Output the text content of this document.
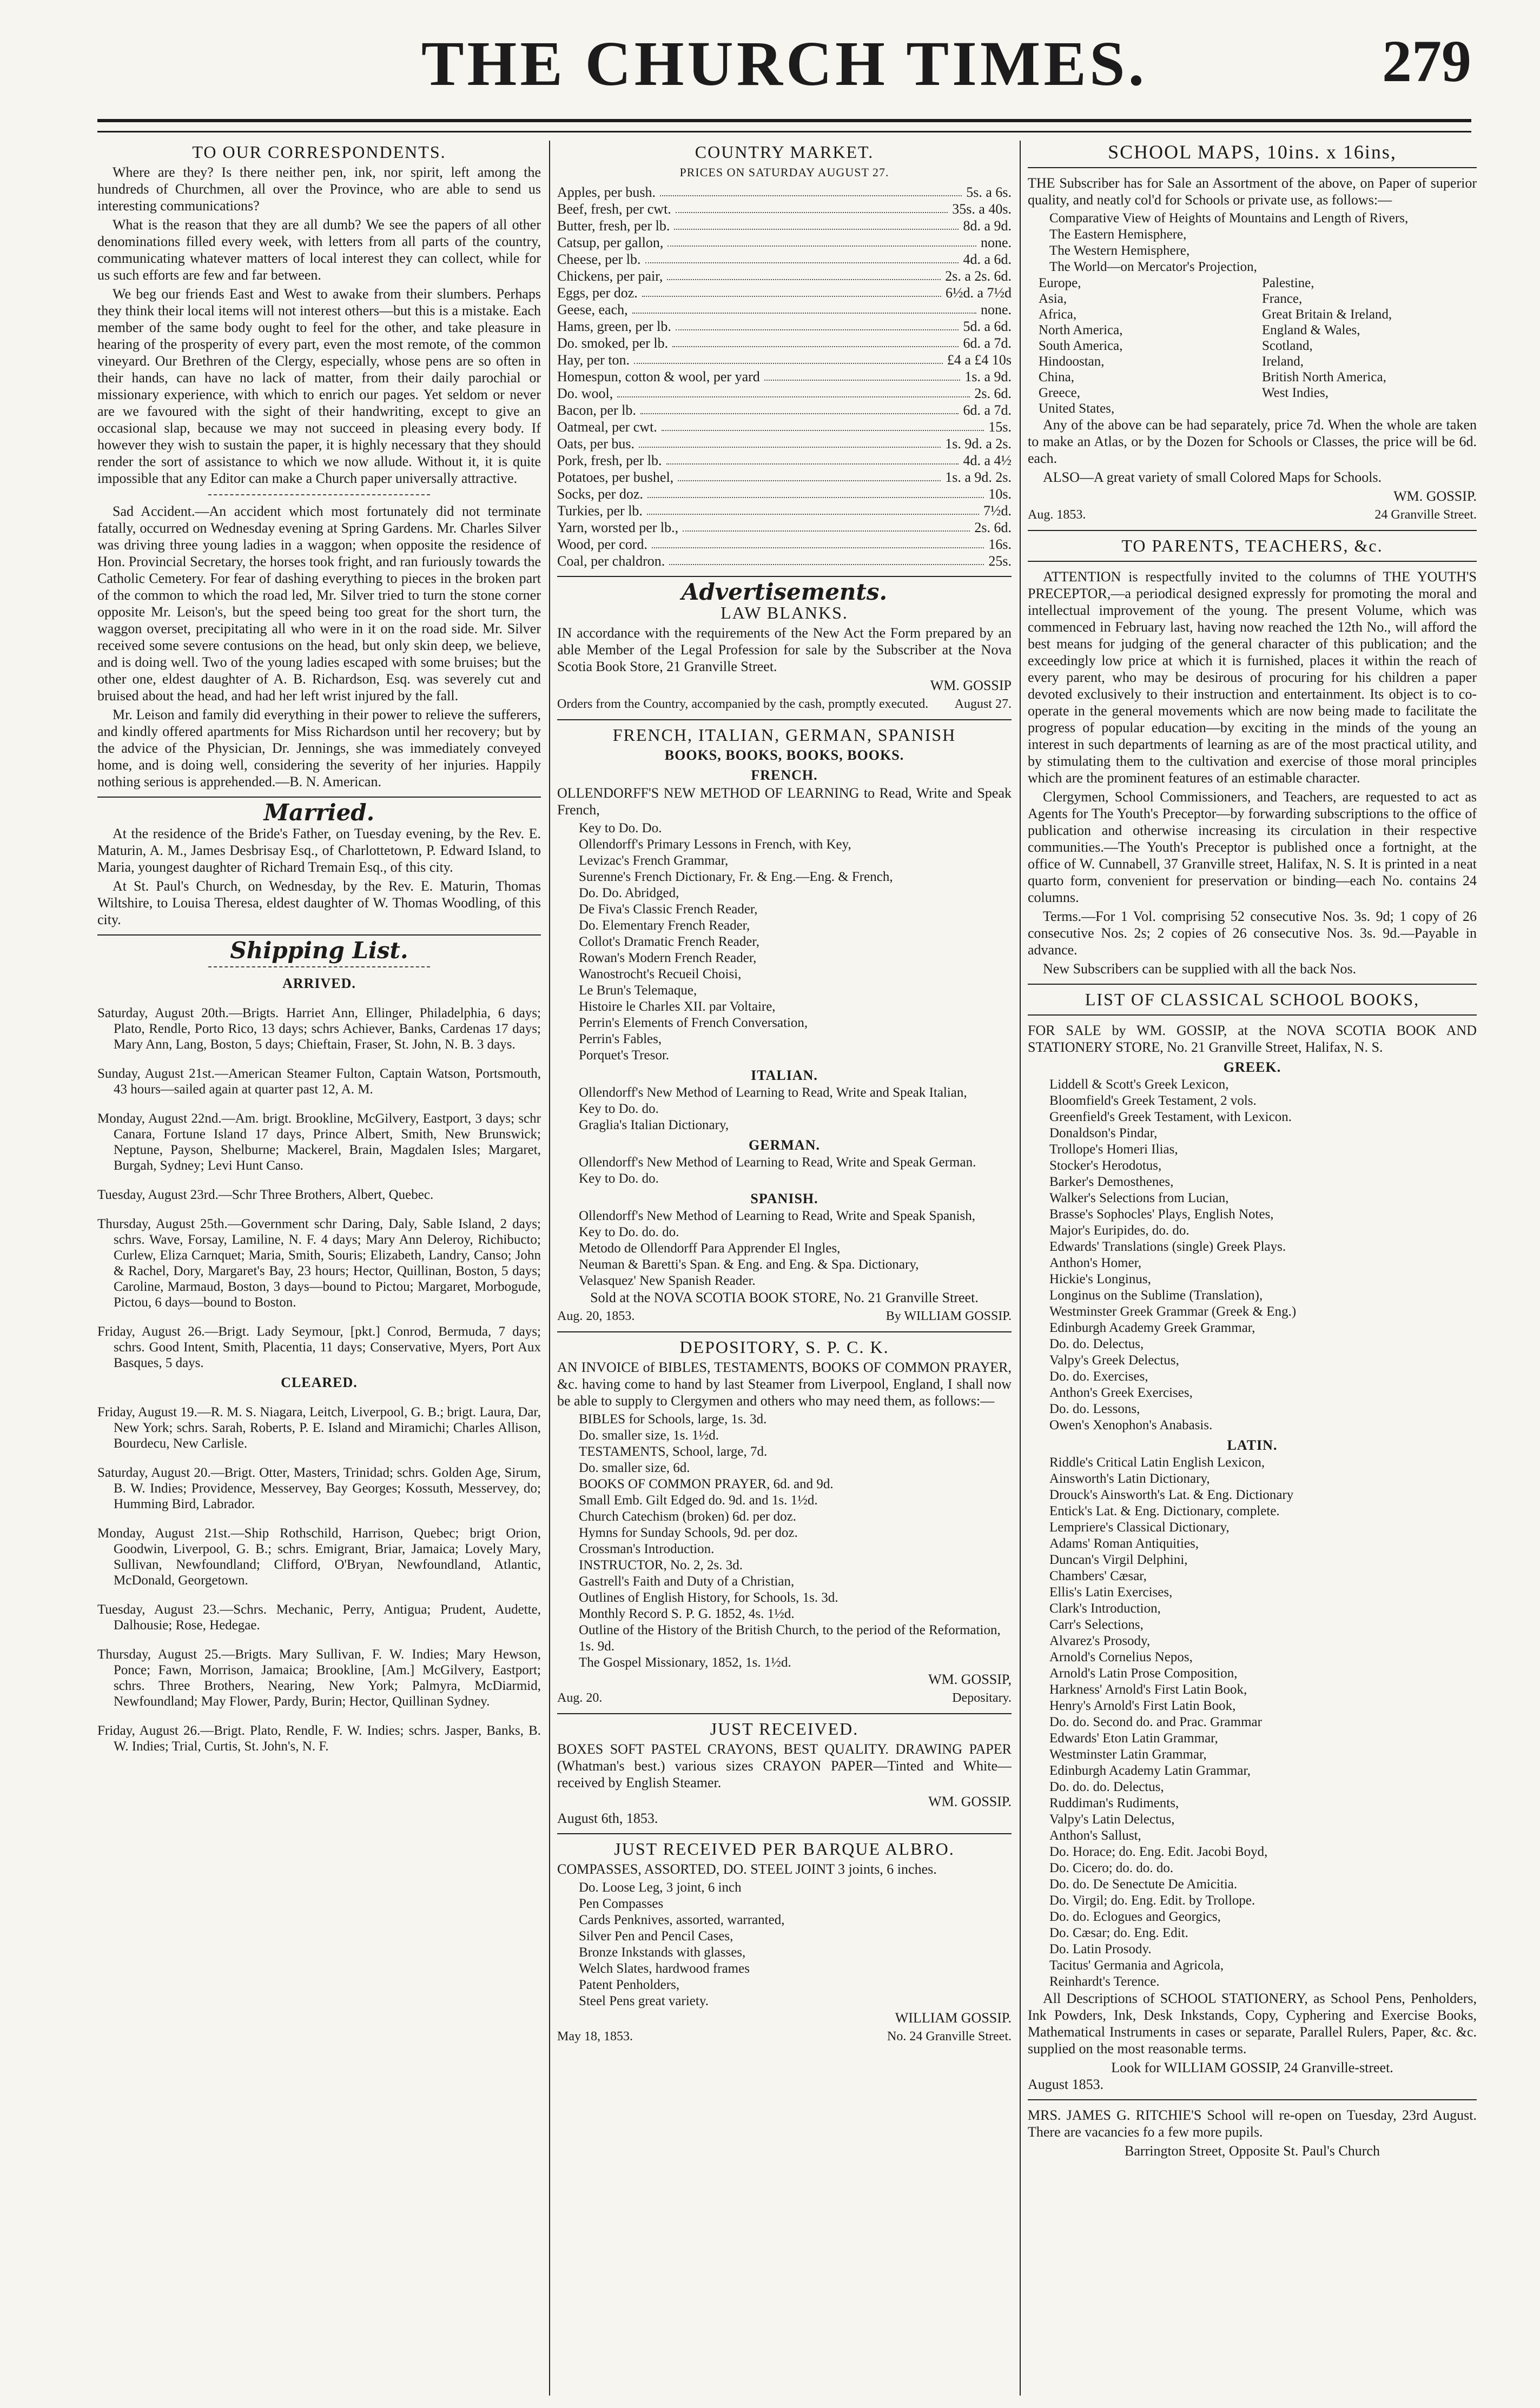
THE CHURCH TIMES.	279
TO OUR CORRESPONDENTS.

Where are they? Is there neither pen, ink, nor spirit, left among the hundreds of Churchmen, all over the Province, who are able to send us interesting communications?

What is the reason that they are all dumb? We see the papers of all other denominations filled every week, with letters from all parts of the country, communicating whatever matters of local interest they can collect, while for us such efforts are few and far between.

We beg our friends East and West to awake from their slumbers. Perhaps they think their local items will not interest others—but this is a mistake. Each member of the same body ought to feel for the other, and take pleasure in hearing of the prosperity of every part, even the most remote, of the common vineyard. Our Brethren of the Clergy, especially, whose pens are so often in their hands, can have no lack of matter, from their daily parochial or missionary experience, with which to enrich our pages. Yet seldom or never are we favoured with the sight of their handwriting, except to give an occasional slap, because we may not succeed in pleasing every body. If however they wish to sustain the paper, it is highly necessary that they should render the sort of assistance to which we now allude. Without it, it is quite impossible that any Editor can make a Church paper universally attractive.

Sad Accident.—An accident which most fortunately did not terminate fatally, occurred on Wednesday evening at Spring Gardens. Mr. Charles Silver was driving three young ladies in a waggon; when opposite the residence of Hon. Provincial Secretary, the horses took fright, and ran furiously towards the Catholic Cemetery. For fear of dashing everything to pieces in the broken part of the common to which the road led, Mr. Silver tried to turn the stone corner opposite Mr. Leison's, but the speed being too great for the short turn, the waggon overset, precipitating all who were in it on the road side. Mr. Silver received some severe contusions on the head, but only skin deep, we believe, and is doing well. Two of the young ladies escaped with some bruises; but the other one, eldest daughter of A. B. Richardson, Esq. was severely cut and bruised about the head, and had her left wrist injured by the fall.

Mr. Leison and family did everything in their power to relieve the sufferers, and kindly offered apartments for Miss Richardson until her recovery; but by the advice of the Physician, Dr. Jennings, she was immediately conveyed home, and is doing well, considering the severity of her injuries. Happily nothing serious is apprehended.—B. N. American.

Married.

At the residence of the Bride's Father, on Tuesday evening, by the Rev. E. Maturin, A. M., James Desbrisay Esq., of Charlottetown, P. Edward Island, to Maria, youngest daughter of Richard Tremain Esq., of this city.

At St. Paul's Church, on Wednesday, by the Rev. E. Maturin, Thomas Wiltshire, to Louisa Theresa, eldest daughter of W. Thomas Woodling, of this city.

Shipping List.
ARRIVED.

Saturday, August 20th.—Brigts. Harriet Ann, Ellinger, Philadelphia, 6 days; Plato, Rendle, Porto Rico, 13 days; schrs Achiever, Banks, Cardenas 17 days; Mary Ann, Lang, Boston, 5 days; Chieftain, Fraser, St. John, N. B. 3 days.

Sunday, August 21st.—American Steamer Fulton, Captain Watson, Portsmouth, 43 hours—sailed again at quarter past 12, A. M.

Monday, August 22nd.—Am. brigt. Brookline, McGilvery, Eastport, 3 days; schr Canara, Fortune Island 17 days, Prince Albert, Smith, New Brunswick; Neptune, Payson, Shelburne; Mackerel, Brain, Magdalen Isles; Margaret, Burgah, Sydney; Levi Hunt Canso.

Tuesday, August 23rd.—Schr Three Brothers, Albert, Quebec.

Thursday, August 25th.—Government schr Daring, Daly, Sable Island, 2 days; schrs. Wave, Forsay, Lamiline, N. F. 4 days; Mary Ann Deleroy, Richibucto; Curlew, Eliza Carnquet; Maria, Smith, Souris; Elizabeth, Landry, Canso; John & Rachel, Dory, Margaret's Bay, 23 hours; Hector, Quillinan, Boston, 5 days; Caroline, Marmaud, Boston, 3 days—bound to Pictou; Margaret, Morbogude, Pictou, 6 days—bound to Boston.

Friday, August 26.—Brigt. Lady Seymour, [pkt.] Conrod, Bermuda, 7 days; schrs. Good Intent, Smith, Placentia, 11 days; Conservative, Myers, Port Aux Basques, 5 days.

CLEARED.

Friday, August 19.—R. M. S. Niagara, Leitch, Liverpool, G. B.; brigt. Laura, Dar, New York; schrs. Sarah, Roberts, P. E. Island and Miramichi; Charles Allison, Bourdecu, New Carlisle.

Saturday, August 20.—Brigt. Otter, Masters, Trinidad; schrs. Golden Age, Sirum, B. W. Indies; Providence, Messervey, Bay Georges; Kossuth, Messervey, do; Humming Bird, Labrador.

Monday, August 21st.—Ship Rothschild, Harrison, Quebec; brigt Orion, Goodwin, Liverpool, G. B.; schrs. Emigrant, Briar, Jamaica; Lovely Mary, Sullivan, Newfoundland; Clifford, O'Bryan, Newfoundland, Atlantic, McDonald, Georgetown.

Tuesday, August 23.—Schrs. Mechanic, Perry, Antigua; Prudent, Audette, Dalhousie; Rose, Hedegae.

Thursday, August 25.—Brigts. Mary Sullivan, F. W. Indies; Mary Hewson, Ponce; Fawn, Morrison, Jamaica; Brookline, [Am.] McGilvery, Eastport; schrs. Three Brothers, Nearing, New York; Palmyra, McDiarmid, Newfoundland; May Flower, Pardy, Burin; Hector, Quillinan Sydney.

Friday, August 26.—Brigt. Plato, Rendle, F. W. Indies; schrs. Jasper, Banks, B. W. Indies; Trial, Curtis, St. John's, N. F.

COUNTRY MARKET.
PRICES ON SATURDAY AUGUST 27.
Apples, per bush.	5s. a 6s.
Beef, fresh, per cwt.	35s. a 40s.
Butter, fresh, per lb.	8d. a 9d.
Catsup, per gallon,	none.
Cheese, per lb.	4d. a 6d.
Chickens, per pair,	2s. a 2s. 6d.
Eggs, per doz.	6½d. a 7½d
Geese, each,	none.
Hams, green, per lb.	5d. a 6d.
Do. smoked, per lb.	6d. a 7d.
Hay, per ton.	£4 a £4 10s
Homespun, cotton & wool, per yard	1s. a 9d.
Do. wool,	2s. 6d.
Bacon, per lb.	6d. a 7d.
Oatmeal, per cwt.	15s.
Oats, per bus.	1s. 9d. a 2s.
Pork, fresh, per lb.	4d. a 4½
Potatoes, per bushel,	1s. a 9d. 2s.
Socks, per doz.	10s.
Turkies, per lb.	7½d.
Yarn, worsted per lb.,	2s. 6d.
Wood, per cord.	16s.
Coal, per chaldron.	25s.
Advertisements.
LAW BLANKS.

IN accordance with the requirements of the New Act the Form prepared by an able Member of the Legal Profession for sale by the Subscriber at the Nova Scotia Book Store, 21 Granville Street.

WM. GOSSIP
Orders from the Country, accompanied by the cash, promptly executed. August 27.
FRENCH, ITALIAN, GERMAN, SPANISH
BOOKS, BOOKS, BOOKS, BOOKS.
FRENCH.

OLLENDORFF'S NEW METHOD OF LEARNING to Read, Write and Speak French,

Key to Do. Do.
Ollendorff's Primary Lessons in French, with Key,
Levizac's French Grammar,
Surenne's French Dictionary, Fr. & Eng.—Eng. & French,
Do. Do. Abridged,
De Fiva's Classic French Reader,
Do. Elementary French Reader,
Collot's Dramatic French Reader,
Rowan's Modern French Reader,
Wanostrocht's Recueil Choisi,
Le Brun's Telemaque,
Histoire le Charles XII. par Voltaire,
Perrin's Elements of French Conversation,
Perrin's Fables,
Porquet's Tresor.
ITALIAN.
Ollendorff's New Method of Learning to Read, Write and Speak Italian,
Key to Do. do.
Graglia's Italian Dictionary,
GERMAN.
Ollendorff's New Method of Learning to Read, Write and Speak German.
Key to Do. do.
SPANISH.
Ollendorff's New Method of Learning to Read, Write and Speak Spanish,
Key to Do. do. do.
Metodo de Ollendorff Para Apprender El Ingles,
Neuman & Baretti's Span. & Eng. and Eng. & Spa. Dictionary,
Velasquez' New Spanish Reader.
Sold at the NOVA SCOTIA BOOK STORE, No. 21 Granville Street.
Aug. 20, 1853.	By WILLIAM GOSSIP.
DEPOSITORY, S. P. C. K.

AN INVOICE of BIBLES, TESTAMENTS, BOOKS OF COMMON PRAYER, &c. having come to hand by last Steamer from Liverpool, England, I shall now be able to supply to Clergymen and others who may need them, as follows:—

BIBLES for Schools, large, 1s. 3d.
Do. smaller size, 1s. 1½d.
TESTAMENTS, School, large, 7d.
Do. smaller size, 6d.
BOOKS OF COMMON PRAYER, 6d. and 9d.
Small Emb. Gilt Edged do. 9d. and 1s. 1½d.
Church Catechism (broken) 6d. per doz.
Hymns for Sunday Schools, 9d. per doz.
Crossman's Introduction.
INSTRUCTOR, No. 2, 2s. 3d.
Gastrell's Faith and Duty of a Christian,
Outlines of English History, for Schools, 1s. 3d.
Monthly Record S. P. G. 1852, 4s. 1½d.
Outline of the History of the British Church, to the period of the Reformation, 1s. 9d.
The Gospel Missionary, 1852, 1s. 1½d.
WM. GOSSIP,
Aug. 20.	Depositary.
JUST RECEIVED.

BOXES SOFT PASTEL CRAYONS, BEST QUALITY. DRAWING PAPER (Whatman's best.) various sizes CRAYON PAPER—Tinted and White—received by English Steamer.

WM. GOSSIP.
August 6th, 1853.
JUST RECEIVED PER BARQUE ALBRO.

COMPASSES, ASSORTED, DO. STEEL JOINT 3 joints, 6 inches.

Do. Loose Leg, 3 joint, 6 inch
Pen Compasses
Cards Penknives, assorted, warranted,
Silver Pen and Pencil Cases,
Bronze Inkstands with glasses,
Welch Slates, hardwood frames
Patent Penholders,
Steel Pens great variety.
WILLIAM GOSSIP.
May 18, 1853.	No. 24 Granville Street.
SCHOOL MAPS, 10ins. x 16ins,

THE Subscriber has for Sale an Assortment of the above, on Paper of superior quality, and neatly col'd for Schools or private use, as follows:—

Comparative View of Heights of Mountains and Length of Rivers,
The Eastern Hemisphere,
The Western Hemisphere,
The World—on Mercator's Projection,
Europe,	Palestine,
Asia,	France,
Africa,	Great Britain & Ireland,
North America,	England & Wales,
South America,	Scotland,
Hindoostan,	Ireland,
China,	British North America,
Greece,	West Indies,
United States,

Any of the above can be had separately, price 7d. When the whole are taken to make an Atlas, or by the Dozen for Schools or Classes, the price will be 6d. each.

ALSO—A great variety of small Colored Maps for Schools.

WM. GOSSIP.
Aug. 1853.	24 Granville Street.
TO PARENTS, TEACHERS, &c.

ATTENTION is respectfully invited to the columns of THE YOUTH'S PRECEPTOR,—a periodical designed expressly for promoting the moral and intellectual improvement of the young. The present Volume, which was commenced in February last, having now reached the 12th No., will afford the best means for judging of the general character of this publication; and the exceedingly low price at which it is furnished, places it within the reach of every parent, who may be desirous of procuring for his children a paper devoted exclusively to their instruction and entertainment. Its object is to co-operate in the general movements which are now being made to facilitate the progress of popular education—by exciting in the minds of the young an interest in such departments of learning as are of the most practical utility, and by stimulating them to the cultivation and exercise of those moral principles which are the prominent features of an estimable character.

Clergymen, School Commissioners, and Teachers, are requested to act as Agents for The Youth's Preceptor—by forwarding subscriptions to the office of publication and otherwise increasing its circulation in their respective communities.—The Youth's Preceptor is published once a fortnight, at the office of W. Cunnabell, 37 Granville street, Halifax, N. S. It is printed in a neat quarto form, convenient for preservation or binding—each No. contains 24 columns.

Terms.—For 1 Vol. comprising 52 consecutive Nos. 3s. 9d; 1 copy of 26 consecutive Nos. 2s; 2 copies of 26 consecutive Nos. 3s. 9d.—Payable in advance.

New Subscribers can be supplied with all the back Nos.

LIST OF CLASSICAL SCHOOL BOOKS,

FOR SALE by WM. GOSSIP, at the NOVA SCOTIA BOOK AND STATIONERY STORE, No. 21 Granville Street, Halifax, N. S.

GREEK.
Liddell & Scott's Greek Lexicon,
Bloomfield's Greek Testament, 2 vols.
Greenfield's Greek Testament, with Lexicon.
Donaldson's Pindar,
Trollope's Homeri Ilias,
Stocker's Herodotus,
Barker's Demosthenes,
Walker's Selections from Lucian,
Brasse's Sophocles' Plays, English Notes,
Major's Euripides, do. do.
Edwards' Translations (single) Greek Plays.
Anthon's Homer,
Hickie's Longinus,
Longinus on the Sublime (Translation),
Westminster Greek Grammar (Greek & Eng.)
Edinburgh Academy Greek Grammar,
Do. do. Delectus,
Valpy's Greek Delectus,
Do. do. Exercises,
Anthon's Greek Exercises,
Do. do. Lessons,
Owen's Xenophon's Anabasis.
LATIN.
Riddle's Critical Latin English Lexicon,
Ainsworth's Latin Dictionary,
Drouck's Ainsworth's Lat. & Eng. Dictionary
Entick's Lat. & Eng. Dictionary, complete.
Lempriere's Classical Dictionary,
Adams' Roman Antiquities,
Duncan's Virgil Delphini,
Chambers' Cæsar,
Ellis's Latin Exercises,
Clark's Introduction,
Carr's Selections,
Alvarez's Prosody,
Arnold's Cornelius Nepos,
Arnold's Latin Prose Composition,
Harkness' Arnold's First Latin Book,
Henry's Arnold's First Latin Book,
Do. do. Second do. and Prac. Grammar
Edwards' Eton Latin Grammar,
Westminster Latin Grammar,
Edinburgh Academy Latin Grammar,
Do. do. do. Delectus,
Ruddiman's Rudiments,
Valpy's Latin Delectus,
Anthon's Sallust,
Do. Horace; do. Eng. Edit. Jacobi Boyd,
Do. Cicero; do. do. do.
Do. do. De Senectute De Amicitia.
Do. Virgil; do. Eng. Edit. by Trollope.
Do. do. Eclogues and Georgics,
Do. Cæsar; do. Eng. Edit.
Do. Latin Prosody.
Tacitus' Germania and Agricola,
Reinhardt's Terence.

All Descriptions of SCHOOL STATIONERY, as School Pens, Penholders, Ink Powders, Ink, Desk Inkstands, Copy, Cyphering and Exercise Books, Mathematical Instruments in cases or separate, Parallel Rulers, Paper, &c. &c. supplied on the most reasonable terms.

Look for WILLIAM GOSSIP, 24 Granville-street.
August 1853.

MRS. JAMES G. RITCHIE'S School will re-open on Tuesday, 23rd August. There are vacancies fo a few more pupils.

Barrington Street, Opposite St. Paul's Church
